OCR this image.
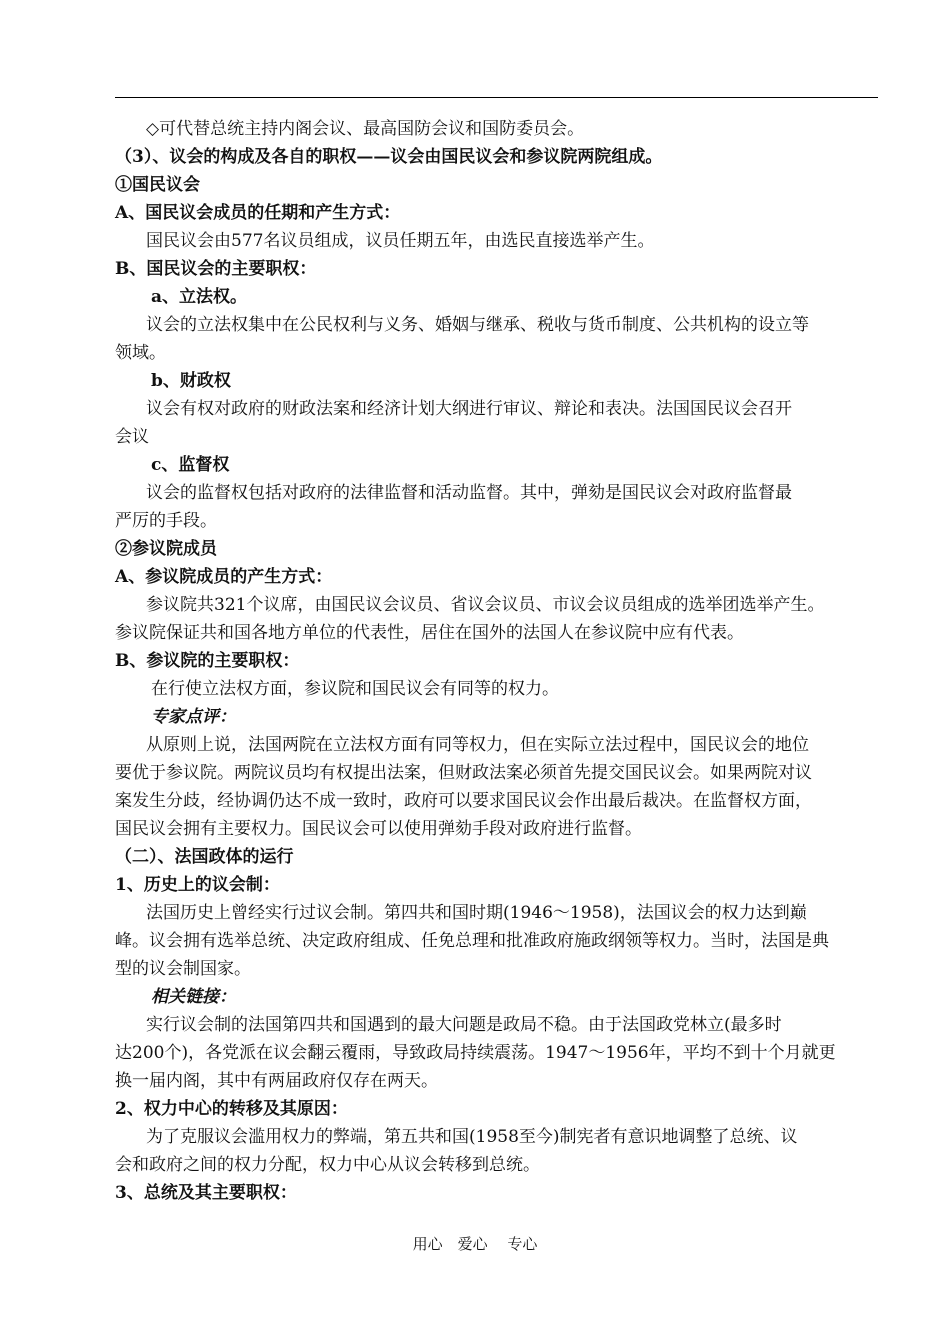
◇可代替总统主持内阁会议、最高国防会议和国防委员会。
（3）、议会的构成及各自的职权——议会由国民议会和参议院两院组成。
①国民议会
A、国民议会成员的任期和产生方式：
国民议会由577名议员组成，议员任期五年，由选民直接选举产生。
B、国民议会的主要职权：
a、立法权。
议会的立法权集中在公民权利与义务、婚姻与继承、税收与货币制度、公共机构的设立等
领域。
b、财政权
议会有权对政府的财政法案和经济计划大纲进行审议、辩论和表决。法国国民议会召开
会议
c、监督权
议会的监督权包括对政府的法律监督和活动监督。其中，弹劾是国民议会对政府监督最
严厉的手段。
②参议院成员
A、参议院成员的产生方式：
参议院共321个议席，由国民议会议员、省议会议员、市议会议员组成的选举团选举产生。
参议院保证共和国各地方单位的代表性，居住在国外的法国人在参议院中应有代表。
B、参议院的主要职权：
在行使立法权方面，参议院和国民议会有同等的权力。
专家点评：
从原则上说，法国两院在立法权方面有同等权力，但在实际立法过程中，国民议会的地位
要优于参议院。两院议员均有权提出法案，但财政法案必须首先提交国民议会。如果两院对议
案发生分歧，经协调仍达不成一致时，政府可以要求国民议会作出最后裁决。在监督权方面，
国民议会拥有主要权力。国民议会可以使用弹劾手段对政府进行监督。
（二）、法国政体的运行
1、历史上的议会制：
法国历史上曾经实行过议会制。第四共和国时期(1946～1958)，法国议会的权力达到巅
峰。议会拥有选举总统、决定政府组成、任免总理和批准政府施政纲领等权力。当时，法国是典
型的议会制国家。
相关链接：
实行议会制的法国第四共和国遇到的最大问题是政局不稳。由于法国政党林立(最多时
达200个)，各党派在议会翻云覆雨，导致政局持续震荡。1947～1956年，平均不到十个月就更
换一届内阁，其中有两届政府仅存在两天。
2、权力中心的转移及其原因：
为了克服议会滥用权力的弊端，第五共和国(1958至今)制宪者有意识地调整了总统、议
会和政府之间的权力分配，权力中心从议会转移到总统。
3、总统及其主要职权：
用心　爱心　 专心
